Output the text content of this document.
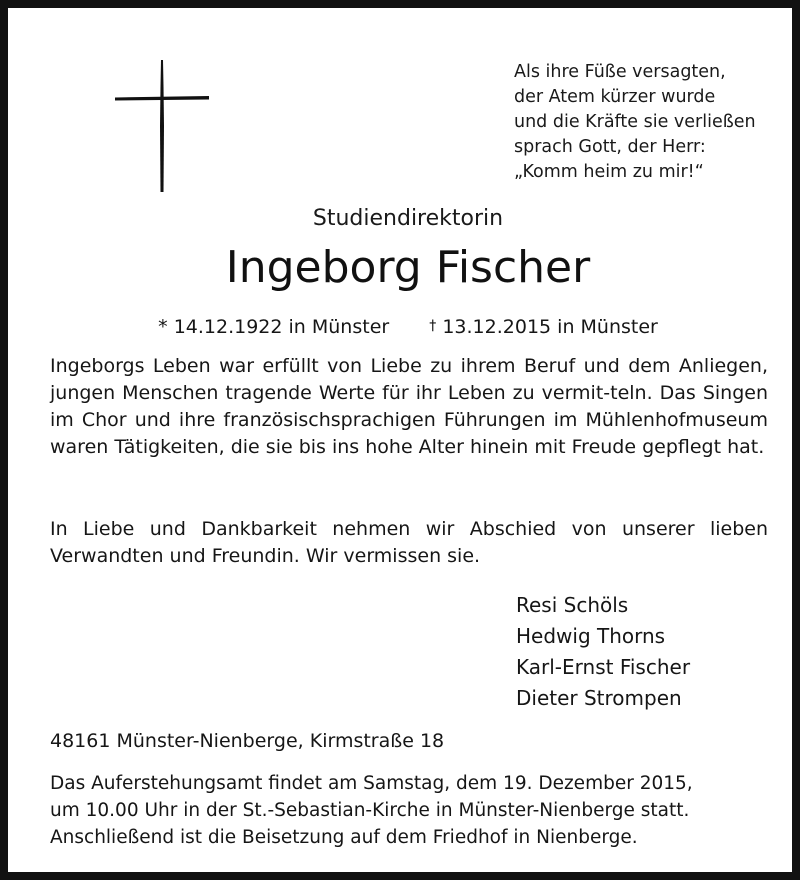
Als ihre Füße versagten,
der Atem kürzer wurde
und die Kräfte sie verließen
sprach Gott, der Herr:
„Komm heim zu mir!“
Studiendirektorin
Ingeborg Fischer
* 14.12.1922 in Münster	† 13.12.2015 in Münster
Ingeborgs Leben war erfüllt von Liebe zu ihrem Beruf und dem Anliegen, jungen Menschen tragende Werte für ihr Leben zu vermit-teln. Das Singen im Chor und ihre französischsprachigen Führungen im Mühlenhofmuseum waren Tätigkeiten, die sie bis ins hohe Alter hinein mit Freude gepflegt hat.
In Liebe und Dankbarkeit nehmen wir Abschied von unserer lieben Verwandten und Freundin. Wir vermissen sie.
Resi Schöls
Hedwig Thorns
Karl-Ernst Fischer
Dieter Strompen
48161 Münster-Nienberge, Kirmstraße 18
Das Auferstehungsamt findet am Samstag, dem 19. Dezember 2015,
um 10.00 Uhr in der St.-Sebastian-Kirche in Münster-Nienberge statt.
Anschließend ist die Beisetzung auf dem Friedhof in Nienberge.
